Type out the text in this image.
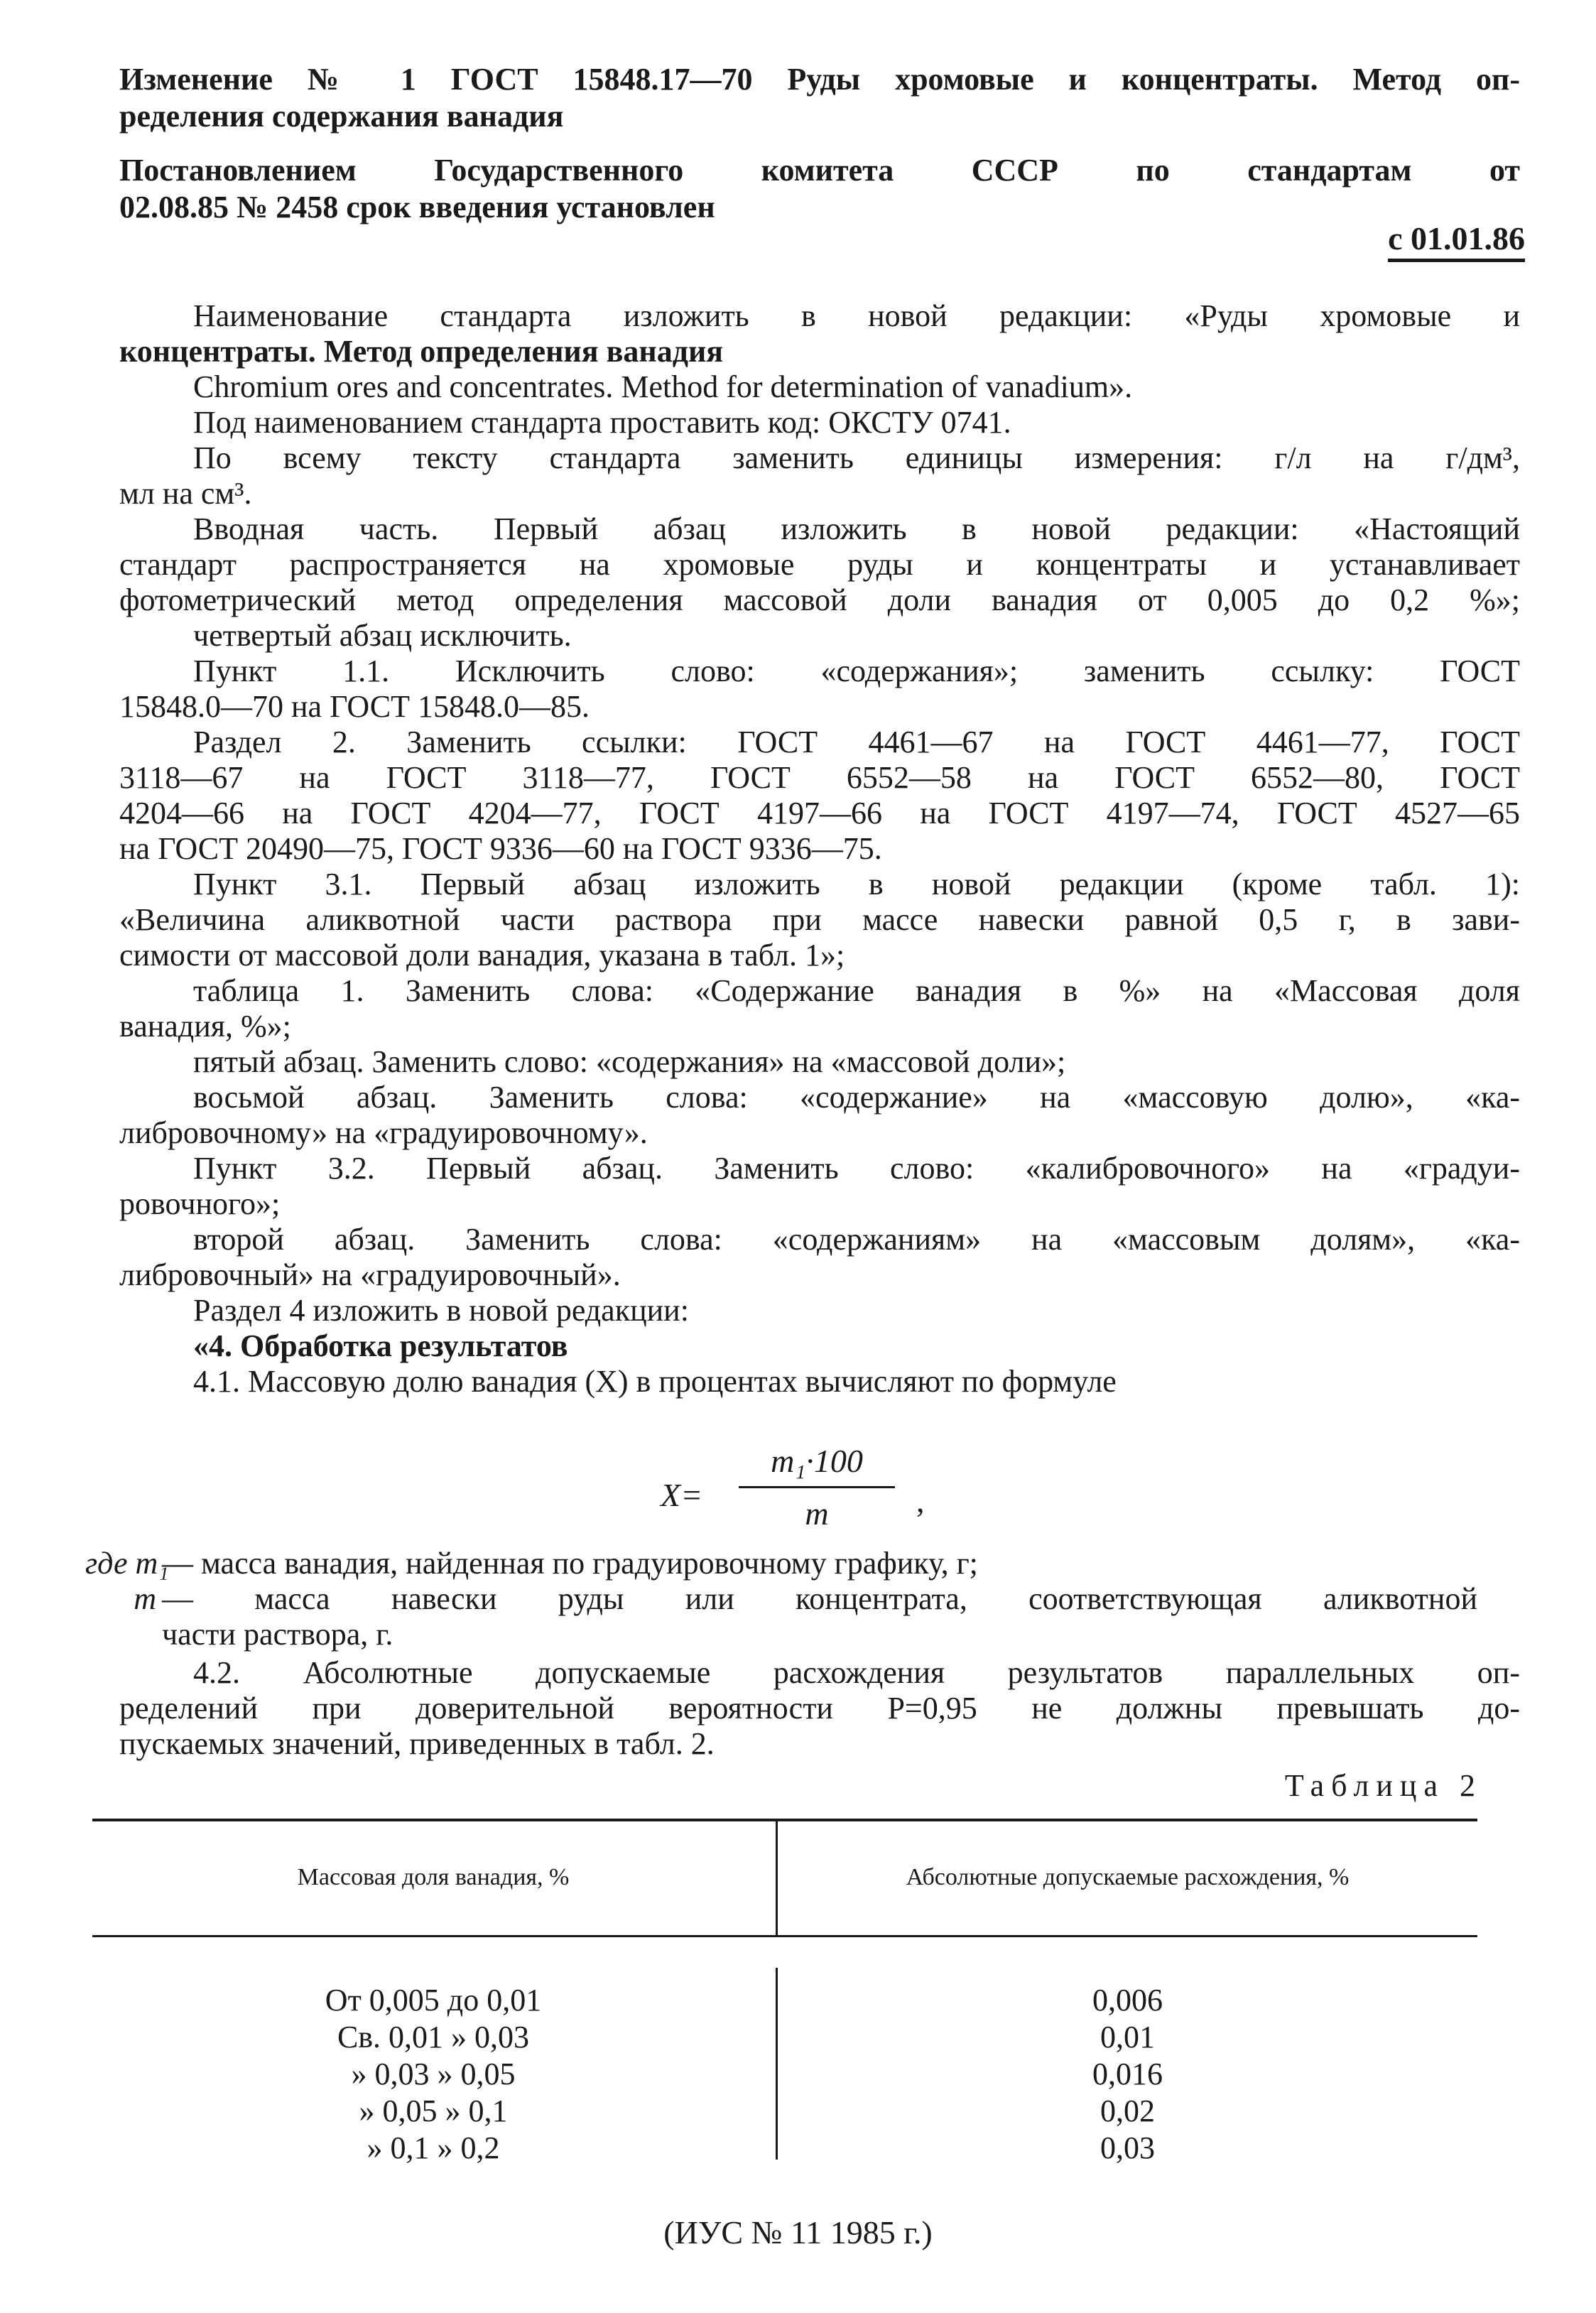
Изменение № 1 ГОСТ 15848.17—70 Руды хромовые и концентраты. Метод оп-
ределения содержания ванадия
Постановлением Государственного комитета СССР по стандартам от
02.08.85 № 2458 срок введения установлен
с 01.01.86
Наименование стандарта изложить в новой редакции: «Руды хромовые и
концентраты. Метод определения ванадия
Chromium ores and concentrates. Method for determination of vanadium».
Под наименованием стандарта проставить код: ОКСТУ 0741.
По всему тексту стандарта заменить единицы измерения: г/л на г/дм³,
мл на см³.
Вводная часть. Первый абзац изложить в новой редакции: «Настоящий
стандарт распространяется на хромовые руды и концентраты и устанавливает
фотометрический метод определения массовой доли ванадия от 0,005 до 0,2 %»;
четвертый абзац исключить.
Пункт 1.1. Исключить слово: «содержания»; заменить ссылку: ГОСТ
15848.0—70 на ГОСТ 15848.0—85.
Раздел 2. Заменить ссылки: ГОСТ 4461—67 на ГОСТ 4461—77, ГОСТ
3118—67 на ГОСТ 3118—77, ГОСТ 6552—58 на ГОСТ 6552—80, ГОСТ
4204—66 на ГОСТ 4204—77, ГОСТ 4197—66 на ГОСТ 4197—74, ГОСТ 4527—65
на ГОСТ 20490—75, ГОСТ 9336—60 на ГОСТ 9336—75.
Пункт 3.1. Первый абзац изложить в новой редакции (кроме табл. 1):
«Величина аликвотной части раствора при массе навески равной 0,5 г, в зави-
симости от массовой доли ванадия, указана в табл. 1»;
таблица 1. Заменить слова: «Содержание ванадия в %» на «Массовая доля
ванадия, %»;
пятый абзац. Заменить слово: «содержания» на «массовой доли»;
восьмой абзац. Заменить слова: «содержание» на «массовую долю», «ка-
либровочному» на «градуировочному».
Пункт 3.2. Первый абзац. Заменить слово: «калибровочного» на «градуи-
ровочного»;
второй абзац. Заменить слова: «содержаниям» на «массовым долям», «ка-
либровочный» на «градуировочный».
Раздел 4 изложить в новой редакции:
«4. Обработка результатов
4.1. Массовую долю ванадия (X) в процентах вычисляют по формуле
X=
m₁·100
m	,
где m₁
— масса ванадия, найденная по градуировочному графику, г;
m — масса навески руды или концентрата, соответствующая аликвотной
части раствора, г.
4.2. Абсолютные допускаемые расхождения результатов параллельных оп-
ределений при доверительной вероятности P=0,95 не должны превышать до-
пускаемых значений, приведенных в табл. 2.
Таблица 2
Массовая доля ванадия, %	Абсолютные допускаемые расхождения, %
От 0,005 до 0,01	0,006
Св. 0,01 » 0,03	0,01
» 0,03 » 0,05	0,016
» 0,05 » 0,1	0,02
» 0,1 » 0,2	0,03
(ИУС № 11 1985 г.)
